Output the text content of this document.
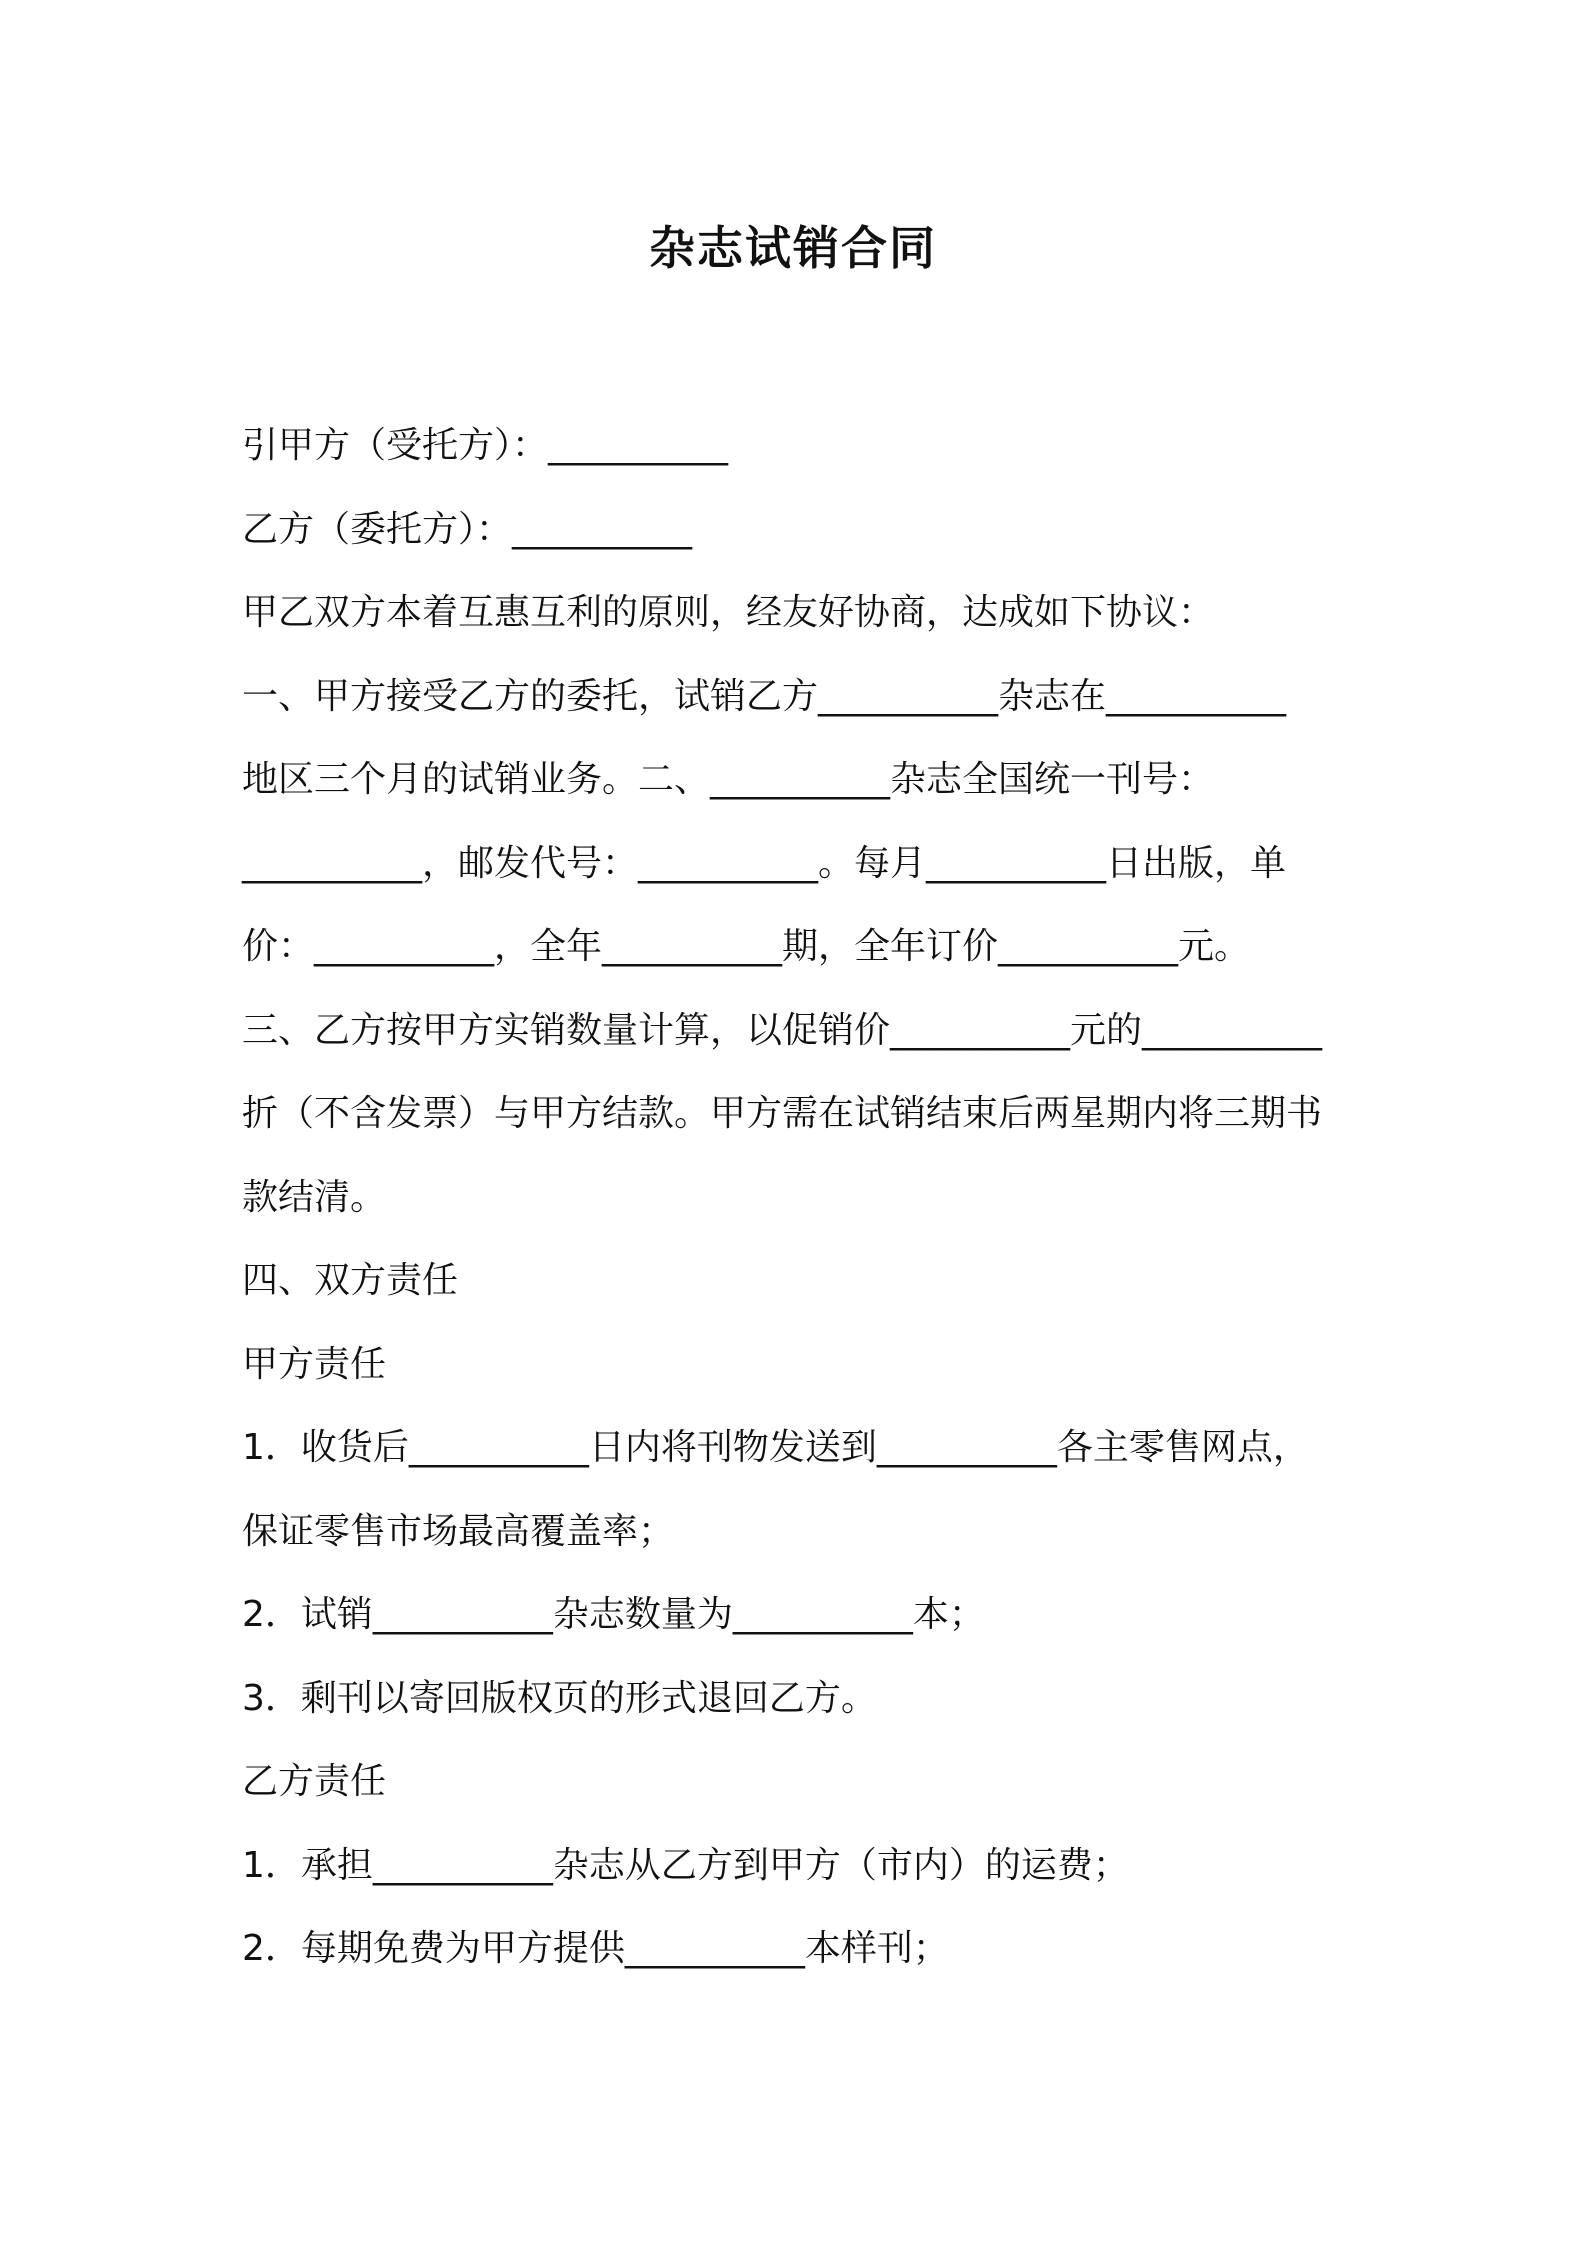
杂志试销合同
引甲方（受托方）：__________
乙方（委托方）：__________
甲乙双方本着互惠互利的原则，经友好协商，达成如下协议：
一、甲方接受乙方的委托，试销乙方__________杂志在__________
地区三个月的试销业务。二、__________杂志全国统一刊号：
__________，邮发代号：__________。每月__________日出版，单
价：__________，全年__________期，全年订价__________元。
三、乙方按甲方实销数量计算，以促销价__________元的__________
折（不含发票）与甲方结款。甲方需在试销结束后两星期内将三期书
款结清。
四、双方责任
甲方责任
1．收货后__________日内将刊物发送到__________各主零售网点，
保证零售市场最高覆盖率；
2．试销__________杂志数量为__________本；
3．剩刊以寄回版权页的形式退回乙方。
乙方责任
1．承担__________杂志从乙方到甲方（市内）的运费；
2．每期免费为甲方提供__________本样刊；
